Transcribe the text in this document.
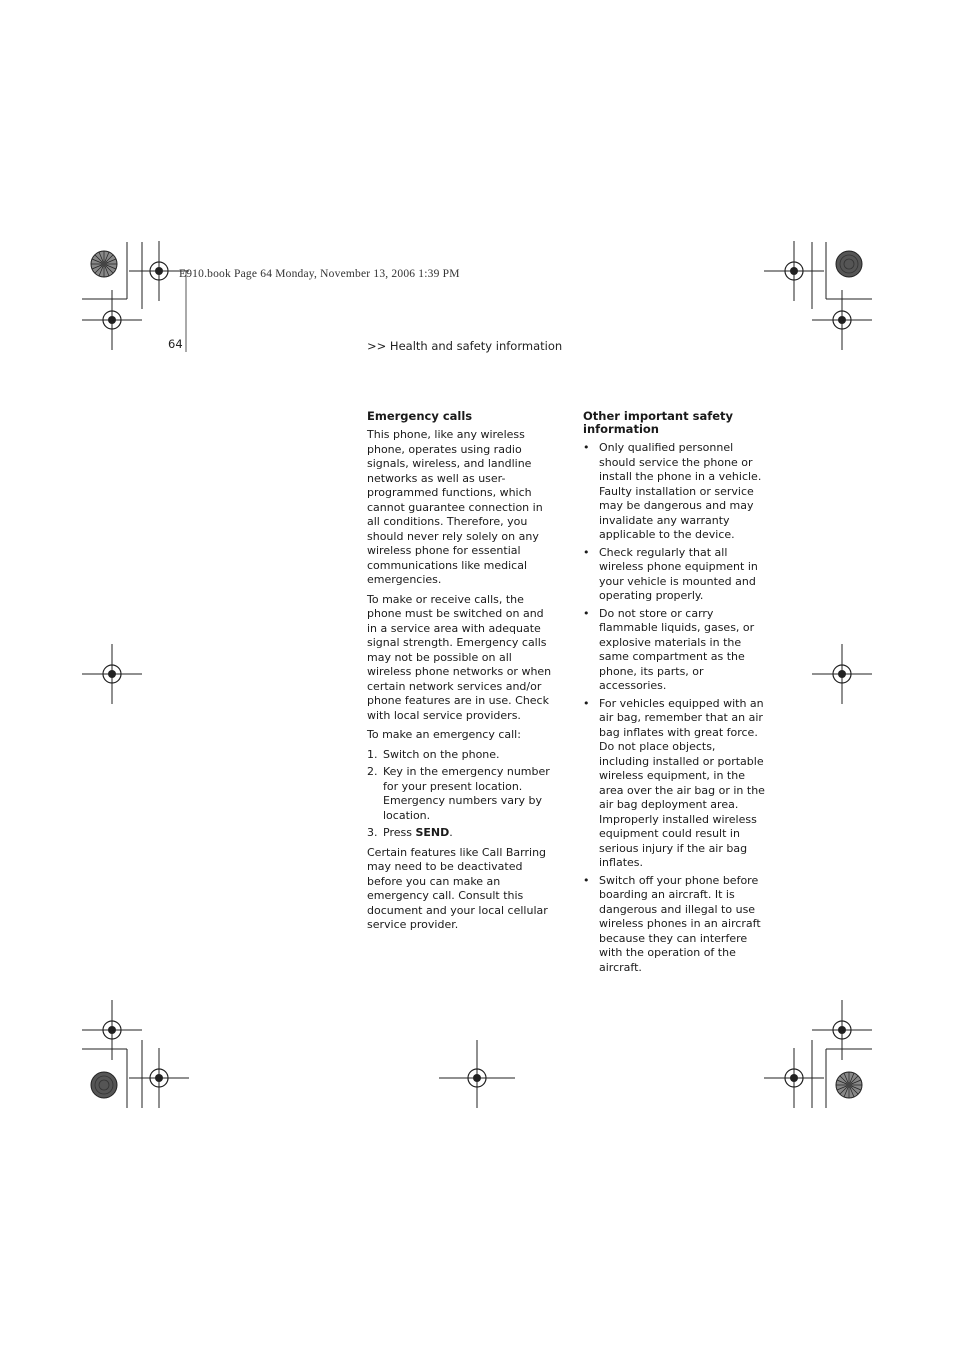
E910.book Page 64 Monday, November 13, 2006 1:39 PM
64	>> Health and safety information
Emergency calls

This phone, like any wireless phone, operates using radio signals, wireless, and landline networks as well as user-programmed functions, which cannot guarantee connection in all conditions. Therefore, you should never rely solely on any wireless phone for essential communications like medical emergencies.

To make or receive calls, the phone must be switched on and in a service area with adequate signal strength. Emergency calls may not be possible on all wireless phone networks or when certain network services and/or phone features are in use. Check with local service providers.

To make an emergency call:

1. Switch on the phone.
2. Key in the emergency number for your present location. Emergency numbers vary by location.
3. Press SEND.

Certain features like Call Barring may need to be deactivated before you can make an emergency call. Consult this document and your local cellular service provider.

Other important safety information
• Only qualified personnel should service the phone or install the phone in a vehicle. Faulty installation or service may be dangerous and may invalidate any warranty applicable to the device.
• Check regularly that all wireless phone equipment in your vehicle is mounted and operating properly.
• Do not store or carry flammable liquids, gases, or explosive materials in the same compartment as the phone, its parts, or accessories.
• For vehicles equipped with an air bag, remember that an air bag inflates with great force. Do not place objects, including installed or portable wireless equipment, in the area over the air bag or in the air bag deployment area. Improperly installed wireless equipment could result in serious injury if the air bag inflates.
• Switch off your phone before boarding an aircraft. It is dangerous and illegal to use wireless phones in an aircraft because they can interfere with the operation of the aircraft.
